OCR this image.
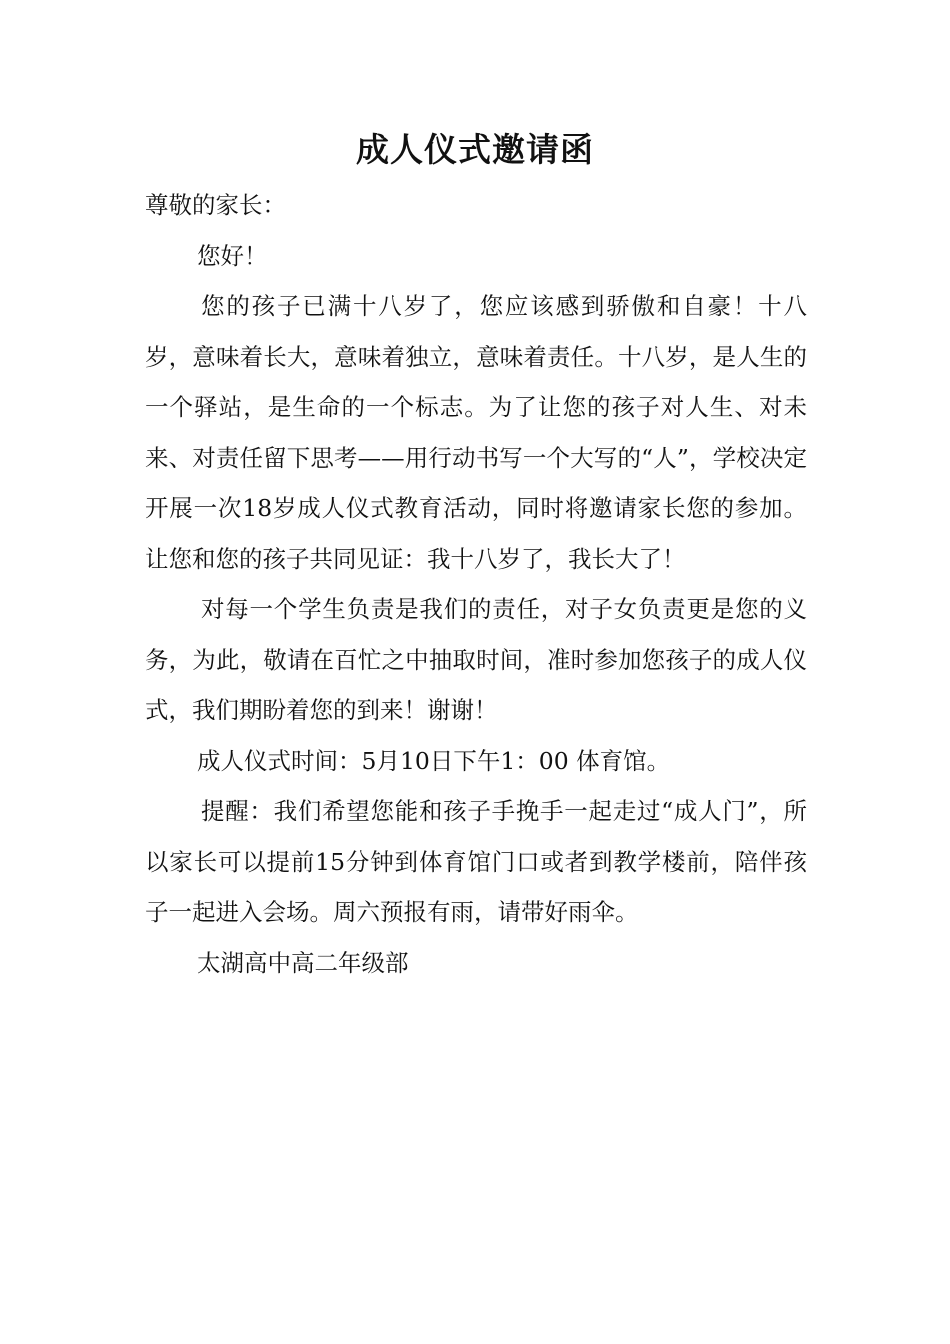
成人仪式邀请函

尊敬的家长：

您好！

您的孩子已满十八岁了，您应该感到骄傲和自豪！十八岁，意味着长大，意味着独立，意味着责任。十八岁，是人生的一个驿站，是生命的一个标志。为了让您的孩子对人生、对未来、对责任留下思考——用行动书写一个大写的“人”，学校决定开展一次18岁成人仪式教育活动，同时将邀请家长您的参加。让您和您的孩子共同见证：我十八岁了，我长大了！

对每一个学生负责是我们的责任，对子女负责更是您的义务，为此，敬请在百忙之中抽取时间，准时参加您孩子的成人仪式，我们期盼着您的到来！谢谢！

成人仪式时间：5月10日下午1：00 体育馆。

提醒：我们希望您能和孩子手挽手一起走过“成人门”，所以家长可以提前15分钟到体育馆门口或者到教学楼前，陪伴孩子一起进入会场。周六预报有雨，请带好雨伞。

太湖高中高二年级部
